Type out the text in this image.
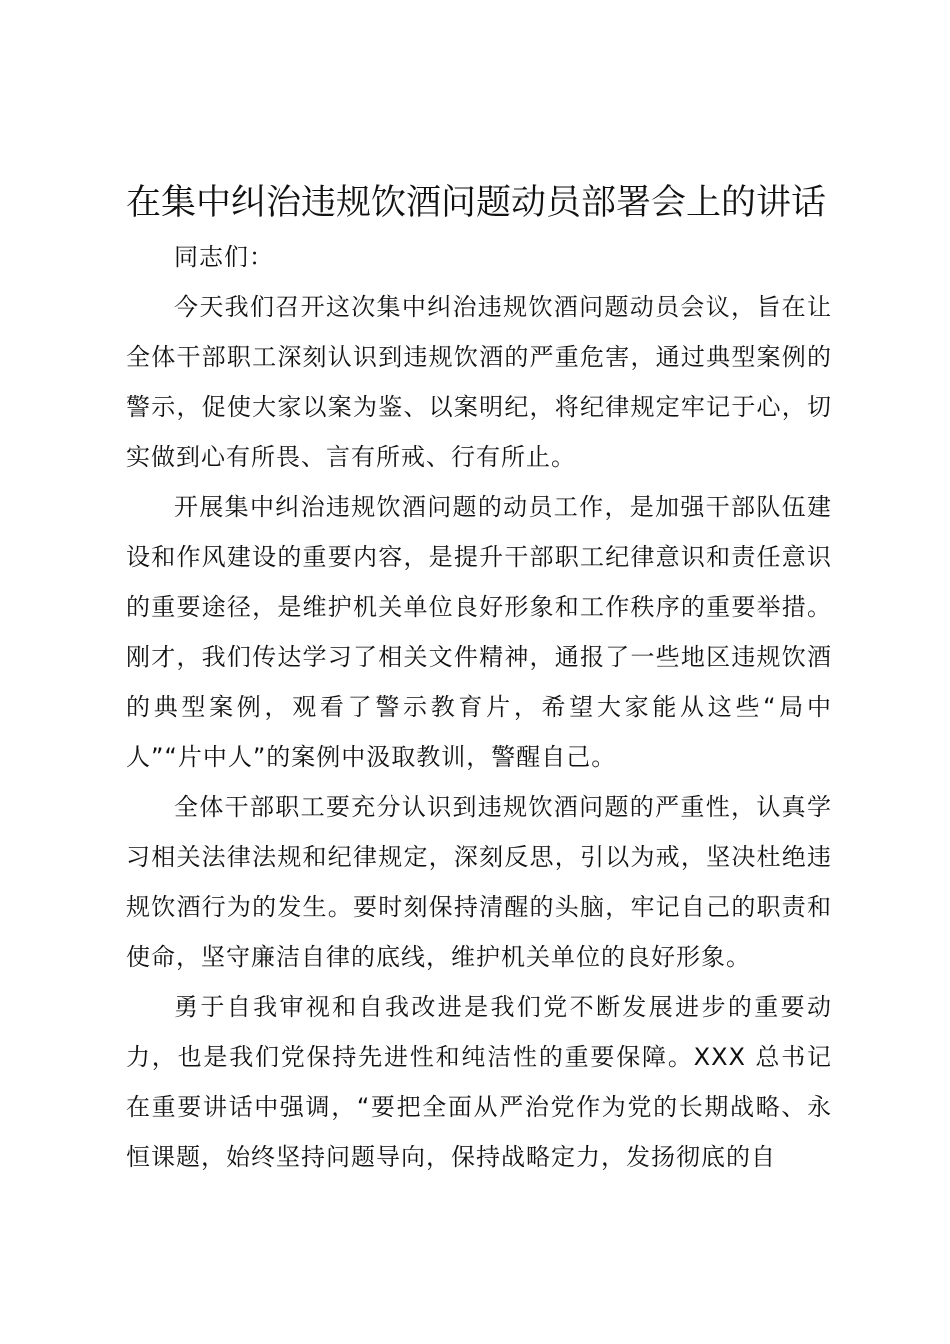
在集中纠治违规饮酒问题动员部署会上的讲话

同志们：

今天我们召开这次集中纠治违规饮酒问题动员会议，旨在让全体干部职工深刻认识到违规饮酒的严重危害，通过典型案例的警示，促使大家以案为鉴、以案明纪，将纪律规定牢记于心，切实做到心有所畏、言有所戒、行有所止。

开展集中纠治违规饮酒问题的动员工作，是加强干部队伍建设和作风建设的重要内容，是提升干部职工纪律意识和责任意识的重要途径，是维护机关单位良好形象和工作秩序的重要举措。刚才，我们传达学习了相关文件精神，通报了一些地区违规饮酒的典型案例，观看了警示教育片，希望大家能从这些“局中人”“片中人”的案例中汲取教训，警醒自己。

全体干部职工要充分认识到违规饮酒问题的严重性，认真学习相关法律法规和纪律规定，深刻反思，引以为戒，坚决杜绝违规饮酒行为的发生。要时刻保持清醒的头脑，牢记自己的职责和使命，坚守廉洁自律的底线，维护机关单位的良好形象。

勇于自我审视和自我改进是我们党不断发展进步的重要动力，也是我们党保持先进性和纯洁性的重要保障。XXX 总书记在重要讲话中强调，“要把全面从严治党作为党的长期战略、永恒课题，始终坚持问题导向，保持战略定力，发扬彻底的自
